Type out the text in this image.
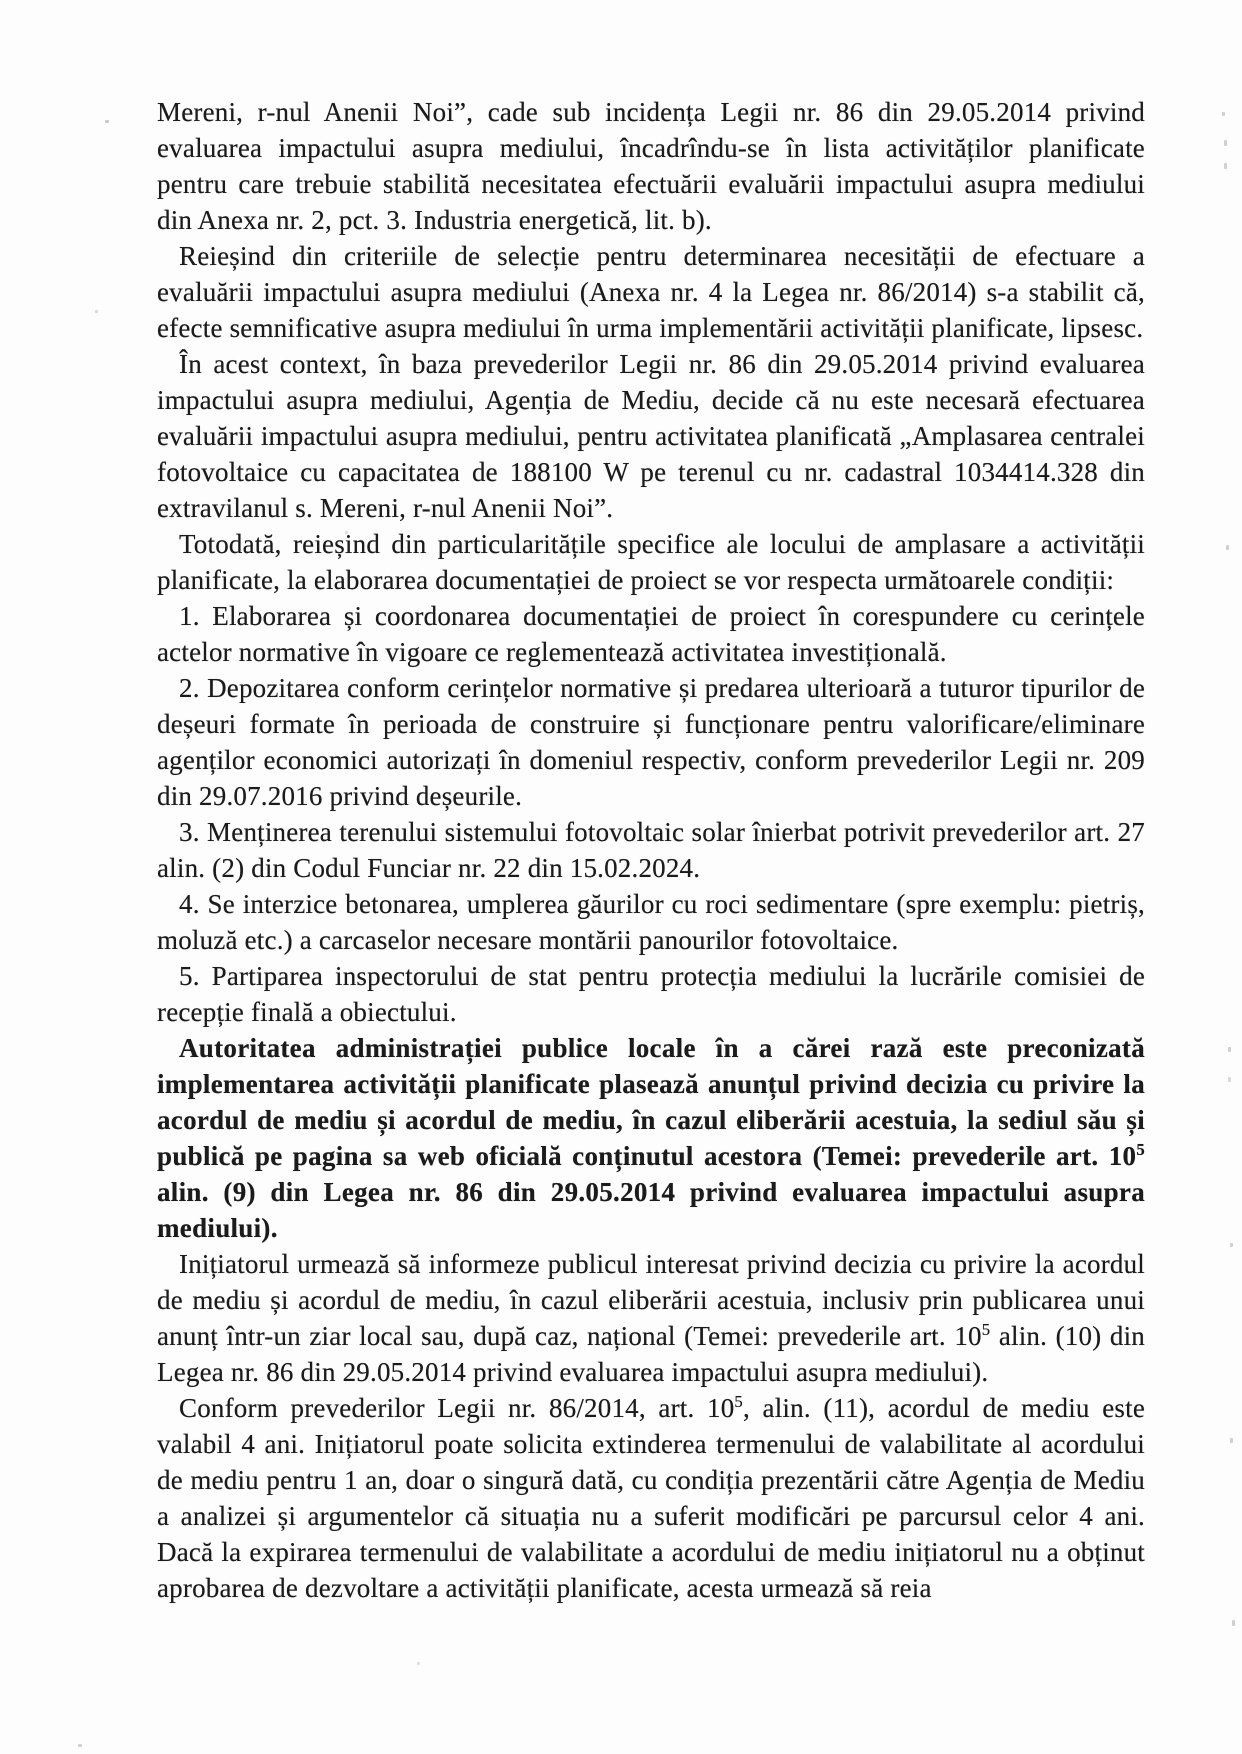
Mereni, r-nul Anenii Noi”, cade sub incidența Legii nr. 86 din 29.05.2014 privind evaluarea impactului asupra mediului, încadrîndu-se în lista activităților planificate pentru care trebuie stabilită necesitatea efectuării evaluării impactului asupra mediului din Anexa nr. 2, pct. 3. Industria energetică, lit. b).

Reieșind din criteriile de selecție pentru determinarea necesității de efectuare a evaluării impactului asupra mediului (Anexa nr. 4 la Legea nr. 86/2014) s-a stabilit că, efecte semnificative asupra mediului în urma implementării activității planificate, lipsesc.

În acest context, în baza prevederilor Legii nr. 86 din 29.05.2014 privind evaluarea impactului asupra mediului, Agenția de Mediu, decide că nu este necesară efectuarea evaluării impactului asupra mediului, pentru activitatea planificată „Amplasarea centralei fotovoltaice cu capacitatea de 188100 W pe terenul cu nr. cadastral 1034414.328 din extravilanul s. Mereni, r-nul Anenii Noi”.

Totodată, reieșind din particularitățile specifice ale locului de amplasare a activității planificate, la elaborarea documentației de proiect se vor respecta următoarele condiții:

1. Elaborarea și coordonarea documentației de proiect în corespundere cu cerințele actelor normative în vigoare ce reglementează activitatea investițională.

2. Depozitarea conform cerințelor normative și predarea ulterioară a tuturor tipurilor de deșeuri formate în perioada de construire și funcționare pentru valorificare/eliminare agenților economici autorizați în domeniul respectiv, conform prevederilor Legii nr. 209 din 29.07.2016 privind deșeurile.

3. Menținerea terenului sistemului fotovoltaic solar înierbat potrivit prevederilor art. 27 alin. (2) din Codul Funciar nr. 22 din 15.02.2024.

4. Se interzice betonarea, umplerea găurilor cu roci sedimentare (spre exemplu: pietriș, moluză etc.) a carcaselor necesare montării panourilor fotovoltaice.

5. Partiparea inspectorului de stat pentru protecția mediului la lucrările comisiei de recepție finală a obiectului.

Autoritatea administrației publice locale în a cărei rază este preconizată implementarea activității planificate plasează anunțul privind decizia cu privire la acordul de mediu și acordul de mediu, în cazul eliberării acestuia, la sediul său și publică pe pagina sa web oficială conținutul acestora (Temei: prevederile art. $10^5$ alin. (9) din Legea nr. 86 din 29.05.2014 privind evaluarea impactului asupra mediului).

Inițiatorul urmează să informeze publicul interesat privind decizia cu privire la acordul de mediu și acordul de mediu, în cazul eliberării acestuia, inclusiv prin publicarea unui anunț într-un ziar local sau, după caz, național (Temei: prevederile art. $10^5$ alin. (10) din Legea nr. 86 din 29.05.2014 privind evaluarea impactului asupra mediului).

Conform prevederilor Legii nr. 86/2014, art. $10^5$, alin. (11), acordul de mediu este valabil 4 ani. Inițiatorul poate solicita extinderea termenului de valabilitate al acordului de mediu pentru 1 an, doar o singură dată, cu condiția prezentării către Agenția de Mediu a analizei și argumentelor că situația nu a suferit modificări pe parcursul celor 4 ani. Dacă la expirarea termenului de valabilitate a acordului de mediu inițiatorul nu a obținut aprobarea de dezvoltare a activității planificate, acesta urmează să reia
